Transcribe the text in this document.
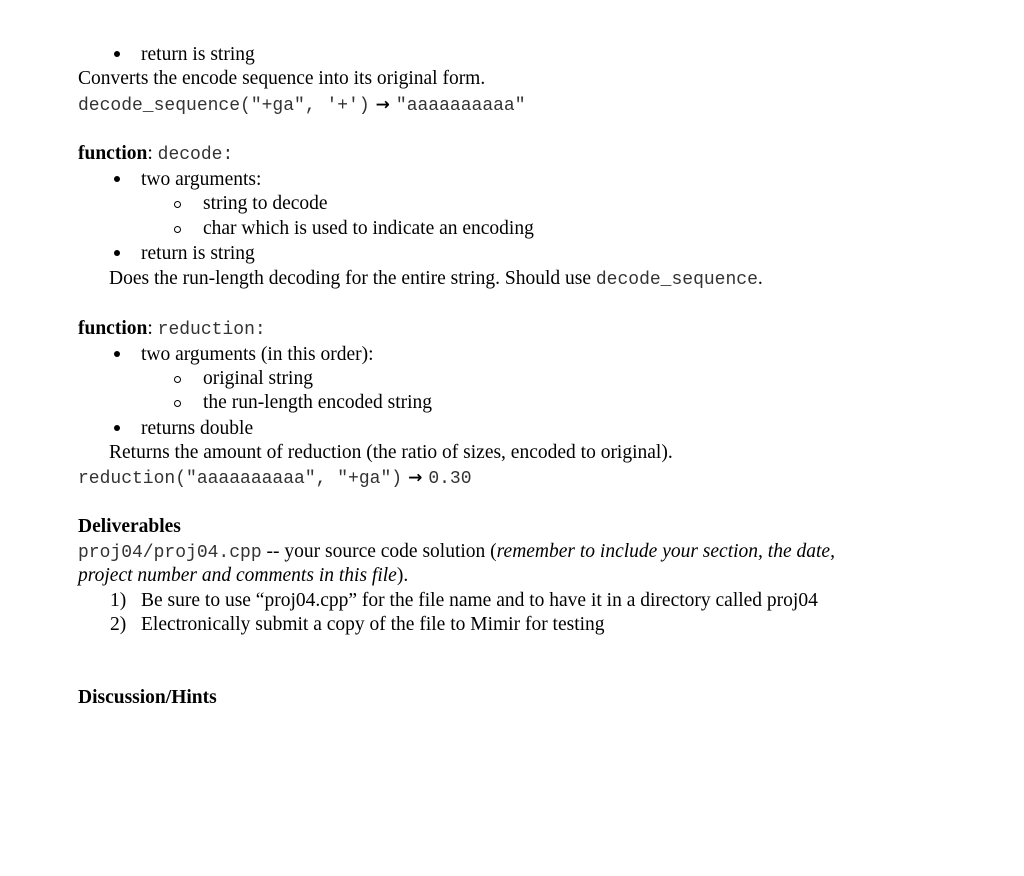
return is string
Converts the encode sequence into its original form.
decode_sequence("+ga", '+') → "aaaaaaaaaa"
function: decode:
two arguments:
string to decode
char which is used to indicate an encoding
return is string
Does the run-length decoding for the entire string. Should use decode_sequence.
function: reduction:
two arguments (in this order):
original string
the run-length encoded string
returns double
Returns the amount of reduction (the ratio of sizes, encoded to original).
reduction("aaaaaaaaaa", "+ga") → 0.30
Deliverables
proj04/proj04.cpp -- your source code solution (remember to include your section, the date,
project number and comments in this file).
1) Be sure to use “proj04.cpp” for the file name and to have it in a directory called proj04
2) Electronically submit a copy of the file to Mimir for testing
Discussion/Hints
